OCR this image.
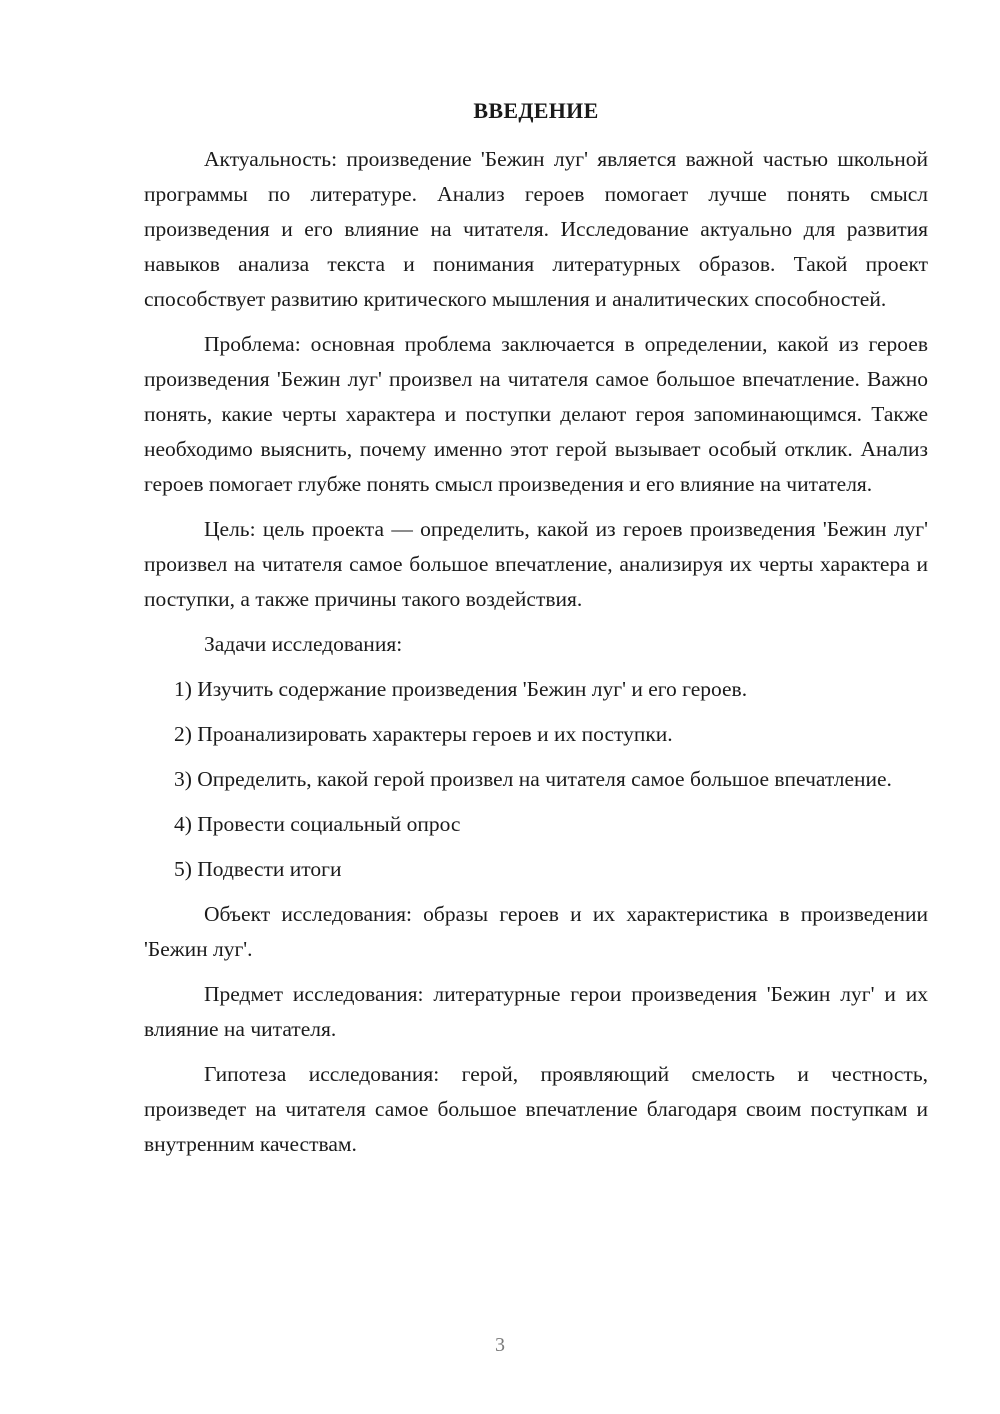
ВВЕДЕНИЕ

Актуальность: произведение 'Бежин луг' является важной частью школьной программы по литературе. Анализ героев помогает лучше понять смысл произведения и его влияние на читателя. Исследование актуально для развития навыков анализа текста и понимания литературных образов. Такой проект способствует развитию критического мышления и аналитических способностей.

Проблема: основная проблема заключается в определении, какой из героев произведения 'Бежин луг' произвел на читателя самое большое впечатление. Важно понять, какие черты характера и поступки делают героя запоминающимся. Также необходимо выяснить, почему именно этот герой вызывает особый отклик. Анализ героев помогает глубже понять смысл произведения и его влияние на читателя.

Цель: цель проекта — определить, какой из героев произведения 'Бежин луг' произвел на читателя самое большое впечатление, анализируя их черты характера и поступки, а также причины такого воздействия.

Задачи исследования:

1) Изучить содержание произведения 'Бежин луг' и его героев.

2) Проанализировать характеры героев и их поступки.

3) Определить, какой герой произвел на читателя самое большое впечатление.

4) Провести социальный опрос

5) Подвести итоги

Объект исследования: образы героев и их характеристика в произведении 'Бежин луг'.

Предмет исследования: литературные герои произведения 'Бежин луг' и их влияние на читателя.

Гипотеза исследования: герой, проявляющий смелость и честность, произведет на читателя самое большое впечатление благодаря своим поступкам и внутренним качествам.

3
